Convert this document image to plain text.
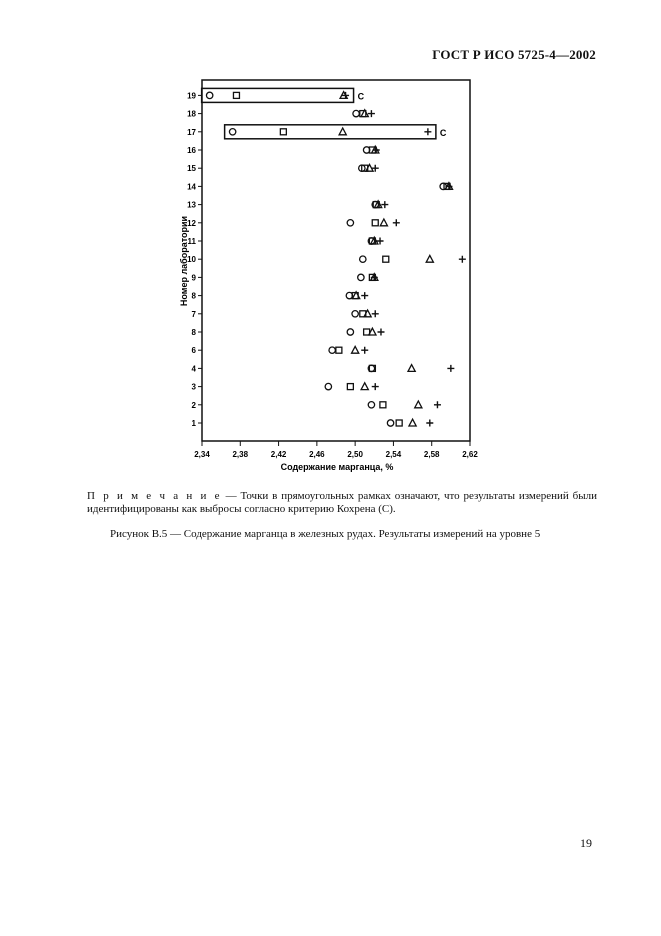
ГОСТ Р ИСО 5725-4—2002
2,34	2,38	2,42	2,46	2,50	2,54	2,58	2,62
1
2
3
4
6
8
7
8
9
10
11
12
13
14
15
16
17
18
19
C
C
Содержание марганца, %
Номер лаборатории
П р и м е ч а н и е — Точки в прямоугольных рамках означают, что результаты измерений были идентифицированы как выбросы согласно критерию Кохрена (С).
Рисунок В.5 — Содержание марганца в железных рудах. Результаты измерений на уровне 5
19
